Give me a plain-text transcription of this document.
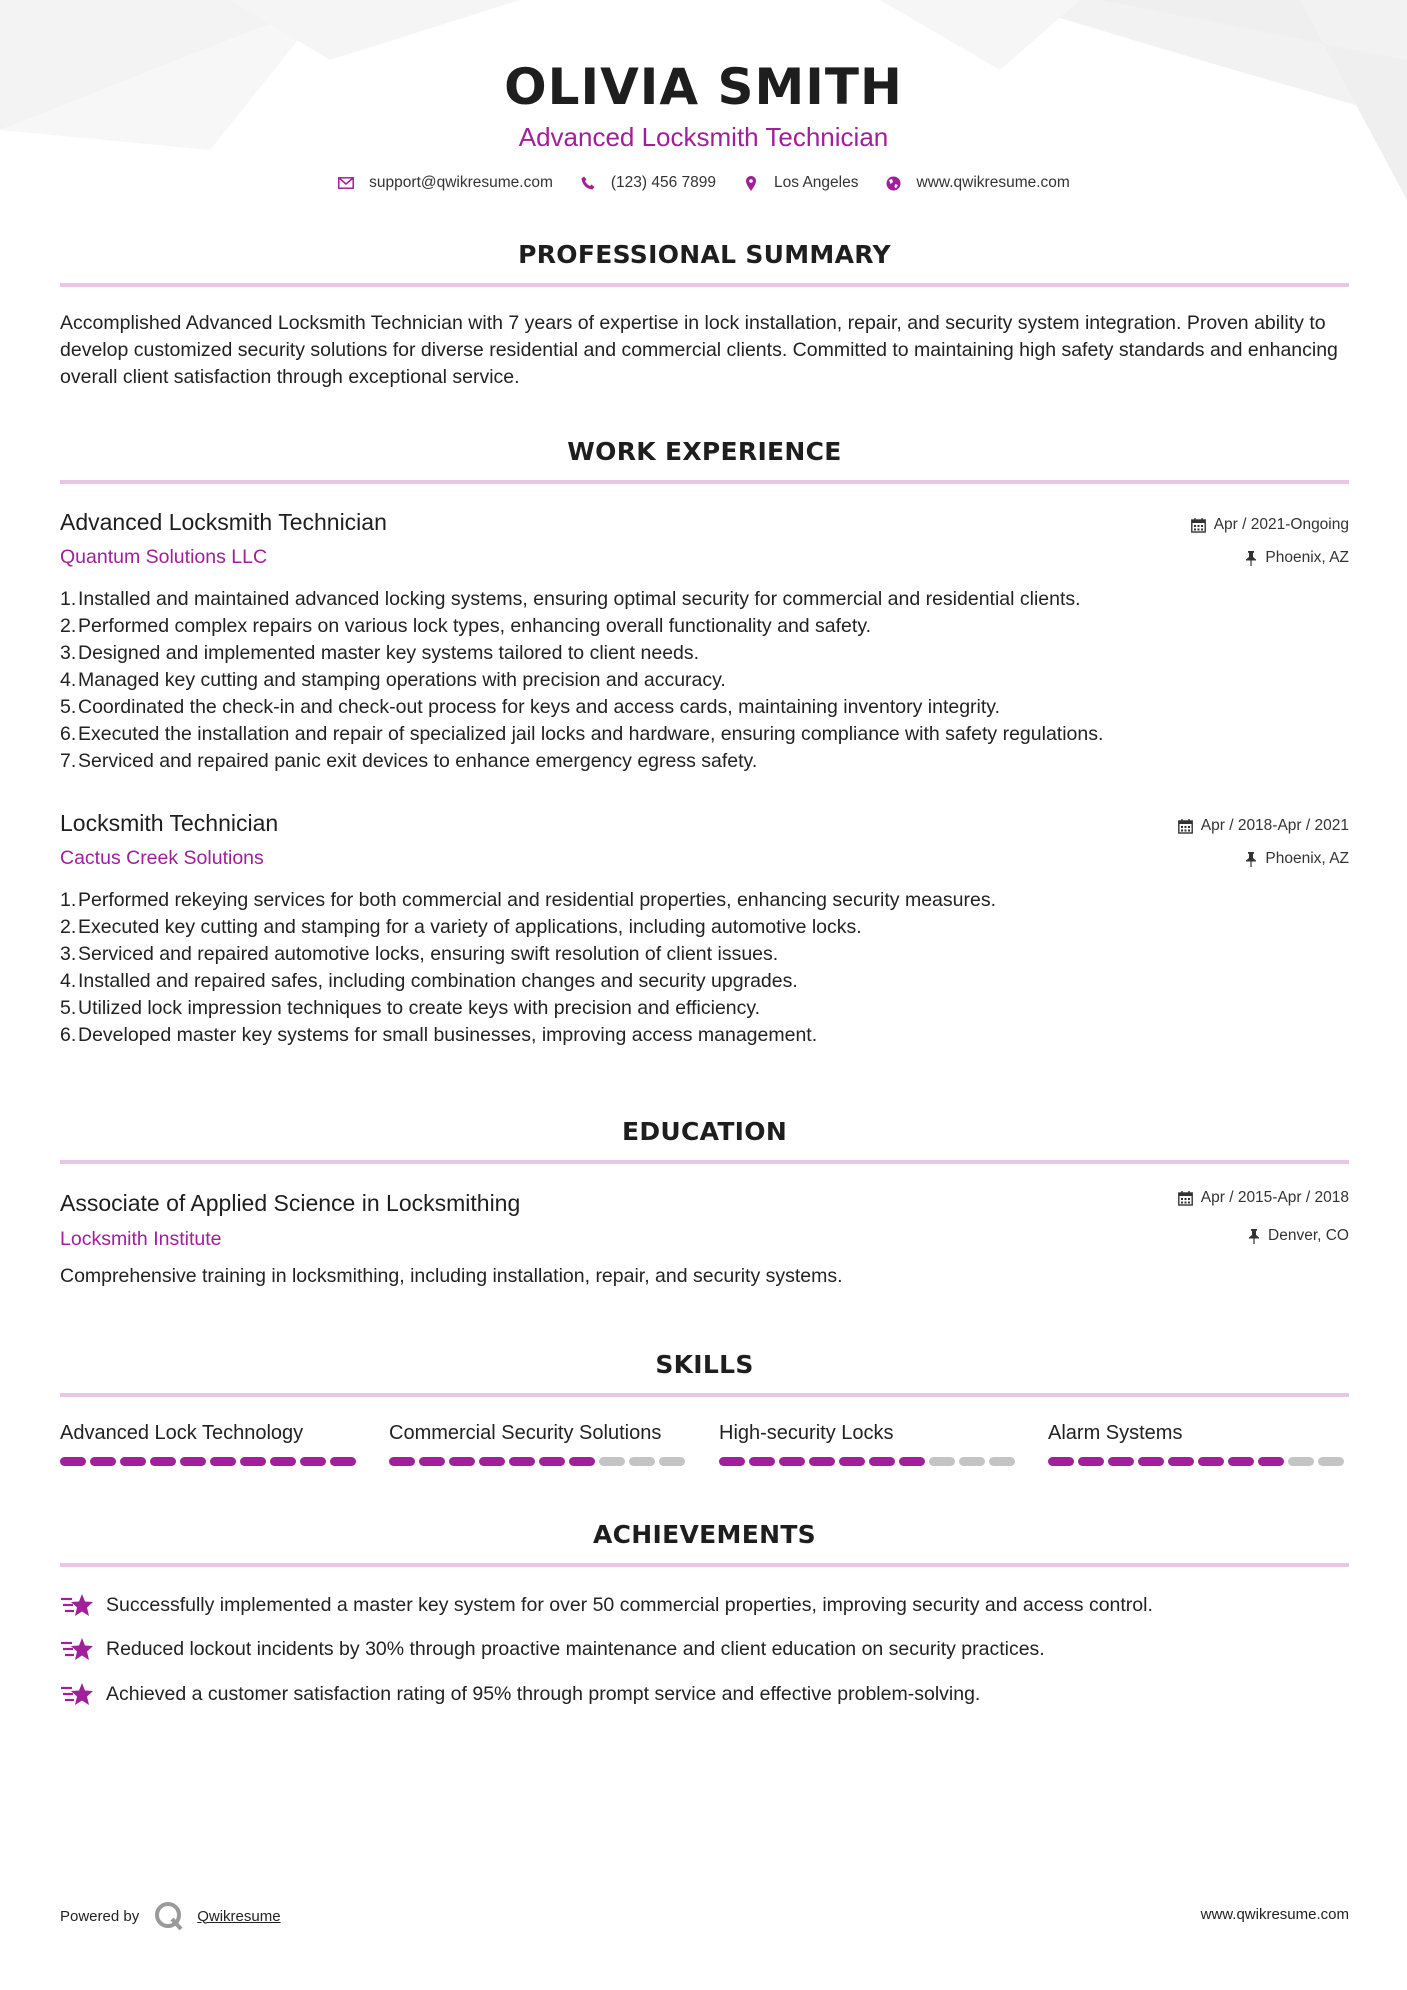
OLIVIA SMITH
Advanced Locksmith Technician
support@qwikresume.com	(123) 456 7899	Los Angeles	www.qwikresume.com
PROFESSIONAL SUMMARY
Accomplished Advanced Locksmith Technician with 7 years of expertise in lock installation, repair, and security system integration. Proven ability to develop customized security solutions for diverse residential and commercial clients. Committed to maintaining high safety standards and enhancing overall client satisfaction through exceptional service.
WORK EXPERIENCE
Advanced Locksmith Technician
Quantum Solutions LLC
Apr / 2021-Ongoing
Phoenix, AZ
1. Installed and maintained advanced locking systems, ensuring optimal security for commercial and residential clients.
2. Performed complex repairs on various lock types, enhancing overall functionality and safety.
3. Designed and implemented master key systems tailored to client needs.
4. Managed key cutting and stamping operations with precision and accuracy.
5. Coordinated the check-in and check-out process for keys and access cards, maintaining inventory integrity.
6. Executed the installation and repair of specialized jail locks and hardware, ensuring compliance with safety regulations.
7. Serviced and repaired panic exit devices to enhance emergency egress safety.
Locksmith Technician
Cactus Creek Solutions
Apr / 2018-Apr / 2021
Phoenix, AZ
1. Performed rekeying services for both commercial and residential properties, enhancing security measures.
2. Executed key cutting and stamping for a variety of applications, including automotive locks.
3. Serviced and repaired automotive locks, ensuring swift resolution of client issues.
4. Installed and repaired safes, including combination changes and security upgrades.
5. Utilized lock impression techniques to create keys with precision and efficiency.
6. Developed master key systems for small businesses, improving access management.
EDUCATION
Associate of Applied Science in Locksmithing
Locksmith Institute
Apr / 2015-Apr / 2018
Denver, CO
Comprehensive training in locksmithing, including installation, repair, and security systems.
SKILLS
Advanced Lock Technology	Commercial Security Solutions	High-security Locks	Alarm Systems
ACHIEVEMENTS
Successfully implemented a master key system for over 50 commercial properties, improving security and access control.
Reduced lockout incidents by 30% through proactive maintenance and client education on security practices.
Achieved a customer satisfaction rating of 95% through prompt service and effective problem-solving.
Powered by	Qwikresume	www.qwikresume.com
